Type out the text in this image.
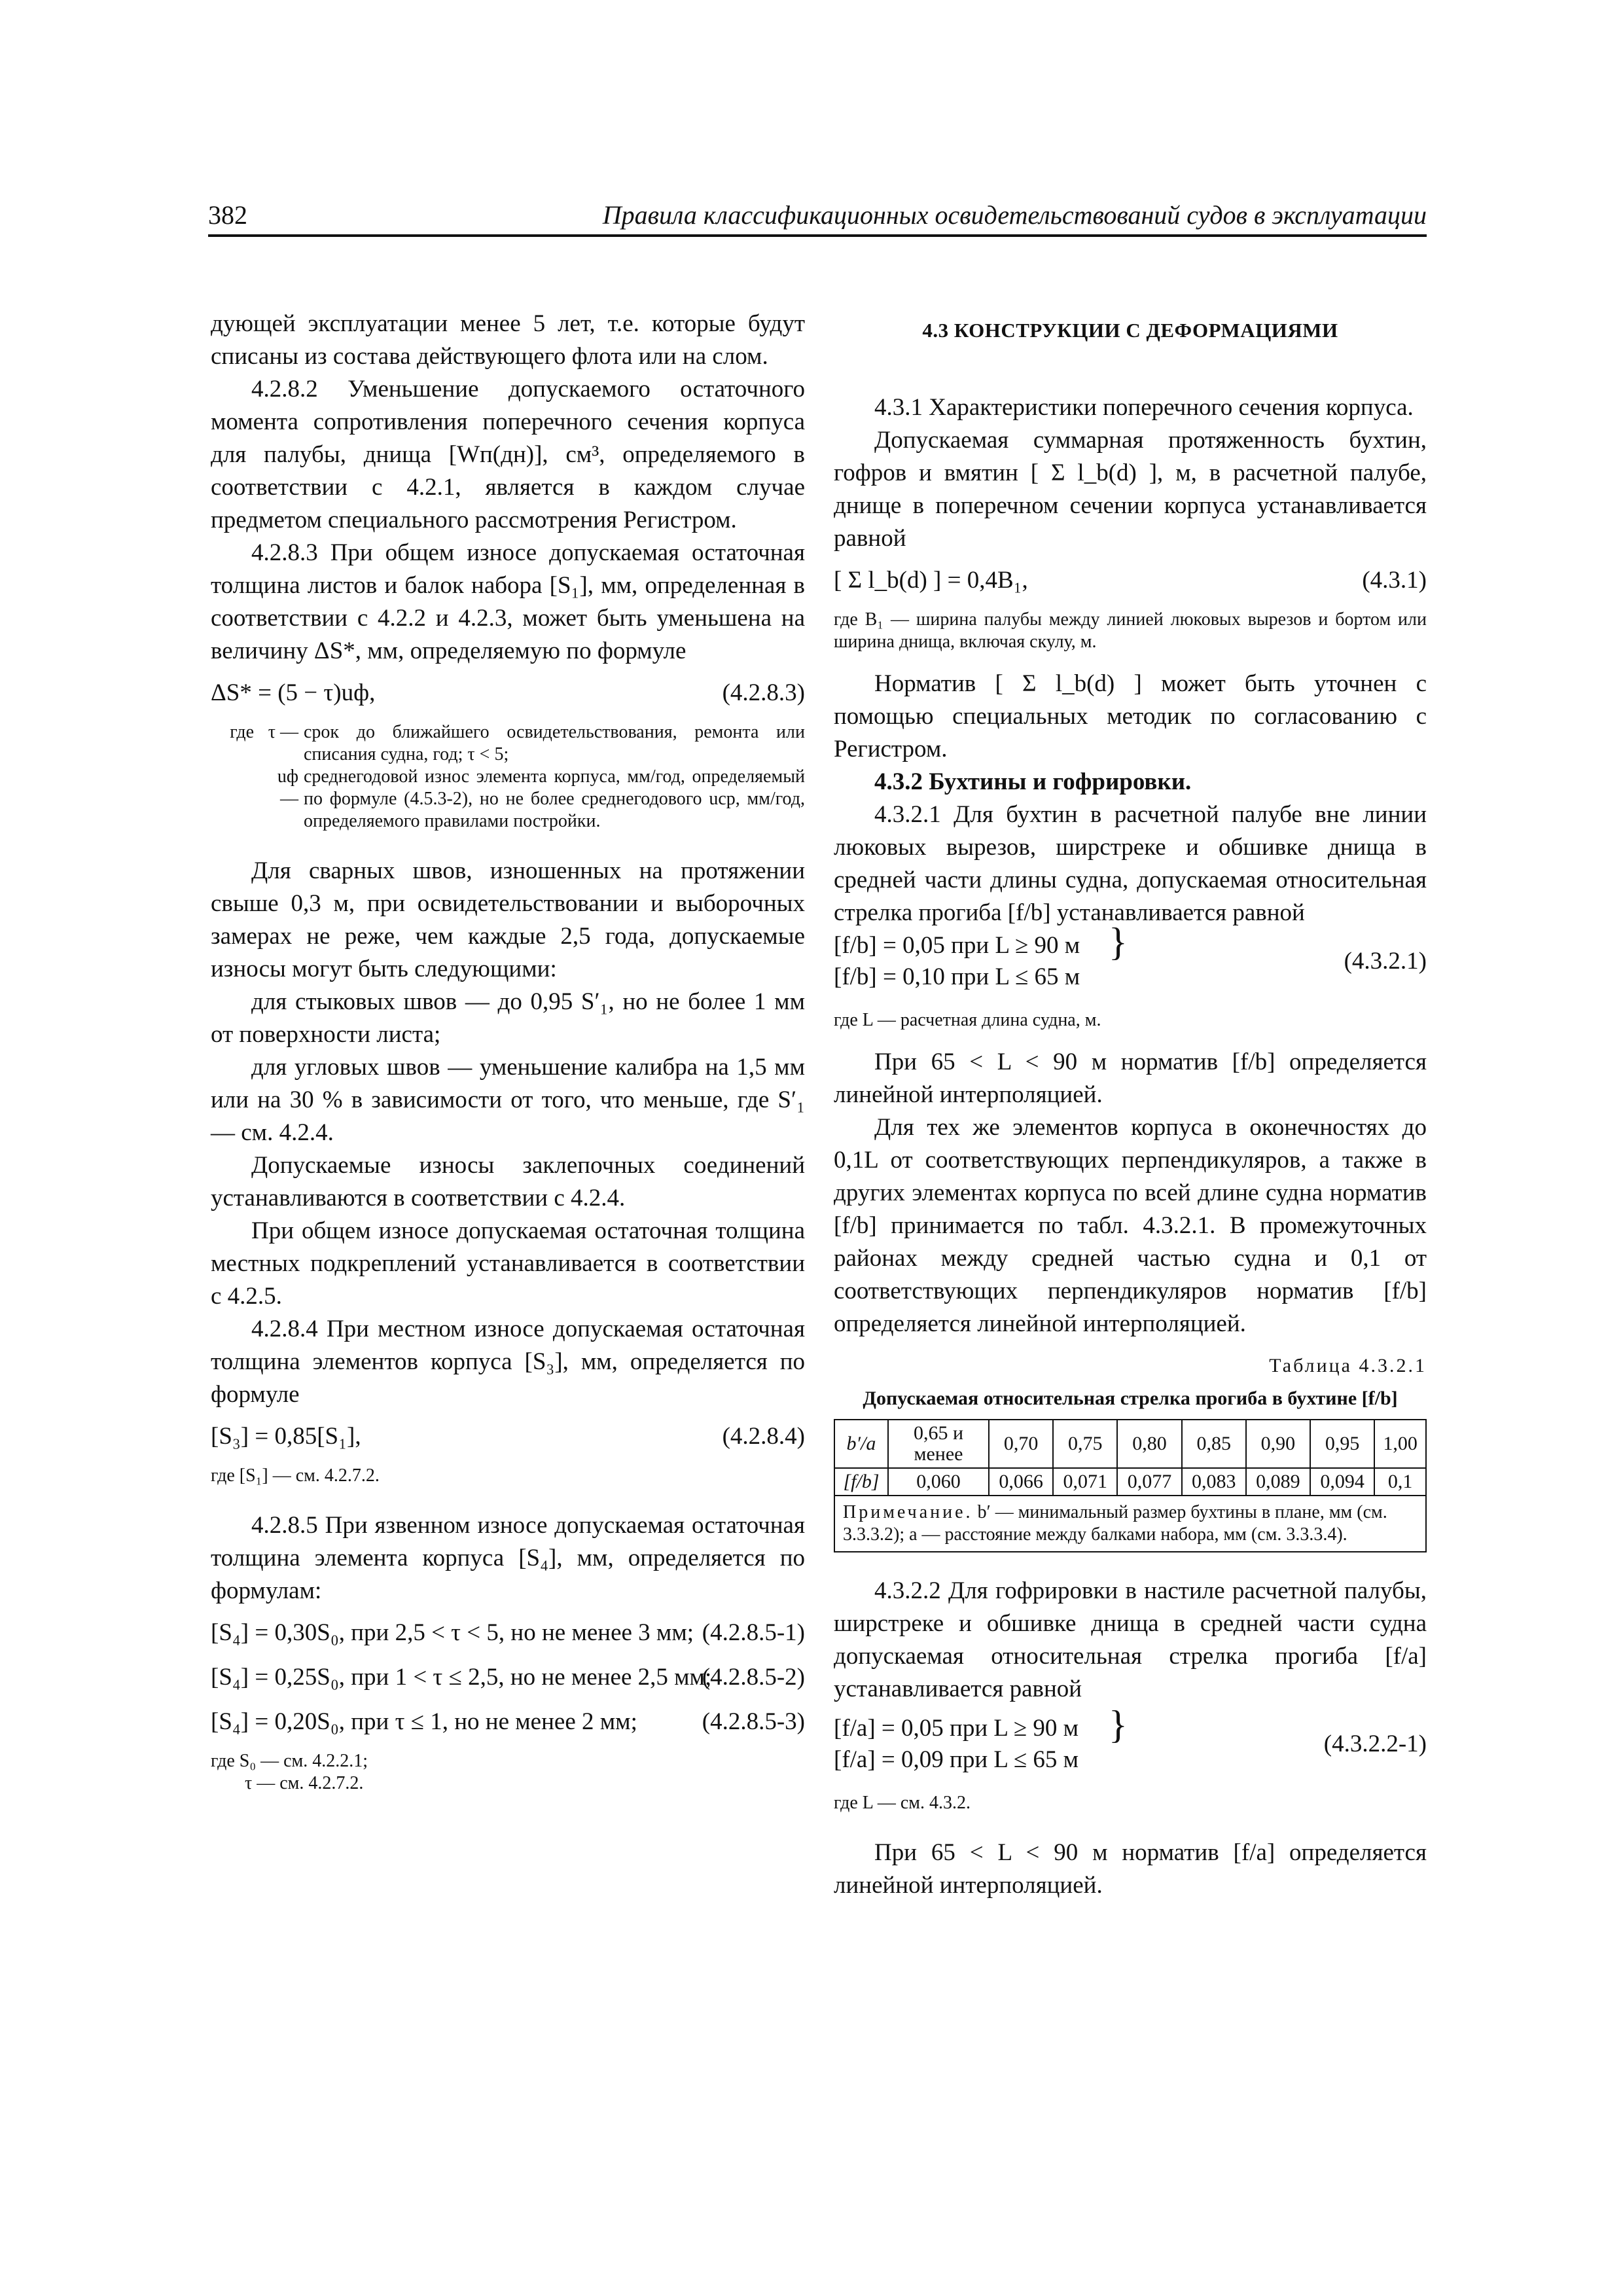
382	Правила классификационных освидетельствований судов в эксплуатации

дующей эксплуатации менее 5 лет, т.е. которые будут списаны из состава действующего флота или на слом.

4.2.8.2 Уменьшение допускаемого остаточного момента сопротивления поперечного сечения корпуса для палубы, днища [Wп(дн)], см³, определяемого в соответствии с 4.2.1, является в каждом случае предметом специального рассмотрения Регистром.

4.2.8.3 При общем износе допускаемая остаточная толщина листов и балок набора [S₁], мм, определенная в соответствии с 4.2.2 и 4.2.3, может быть уменьшена на величину ΔS*, мм, определяемую по формуле

ΔS* = (5 − τ)uф,	(4.2.8.3)
где τ — срок до ближайшего освидетельствования, ремонта или списания судна, год; τ < 5;
uф —
среднегодовой износ элемента корпуса, мм/год, определяемый по формуле (4.5.3-2), но не более среднегодового uср, мм/год, определяемого правилами постройки.

Для сварных швов, изношенных на протяжении свыше 0,3 м, при освидетельствовании и выборочных замерах не реже, чем каждые 2,5 года, допускаемые износы могут быть следующими:

для стыковых швов — до 0,95 S′₁, но не более 1 мм от поверхности листа;

для угловых швов — уменьшение калибра на 1,5 мм или на 30 % в зависимости от того, что меньше, где S′₁ — см. 4.2.4.

Допускаемые износы заклепочных соединений устанавливаются в соответствии с 4.2.4.

При общем износе допускаемая остаточная толщина местных подкреплений устанавливается в соответствии с 4.2.5.

4.2.8.4 При местном износе допускаемая остаточная толщина элементов корпуса [S₃], мм, определяется по формуле

[S₃] = 0,85[S₁],	(4.2.8.4)

где [S₁] — см. 4.2.7.2.

4.2.8.5 При язвенном износе допускаемая остаточная толщина элемента корпуса [S₄], мм, определяется по формулам:

[S₄] = 0,30S₀, при 2,5 < τ < 5, но не менее 3 мм; (4.2.8.5-1)
[S₄] = 0,25S₀, при 1 < τ ≤ 2,5, но не менее 2,5 мм;
(4.2.8.5-2)
[S₄] = 0,20S₀, при τ ≤ 1, но не менее 2 мм;	(4.2.8.5-3)

где S₀ — см. 4.2.2.1;

τ — см. 4.2.7.2.

4.3 КОНСТРУКЦИИ С ДЕФОРМАЦИЯМИ

4.3.1 Характеристики поперечного сечения корпуса.

Допускаемая суммарная протяженность бухтин, гофров и вмятин [ Σ l_b(d) ], м, в расчетной палубе, днище в поперечном сечении корпуса устанавливается равной

[ Σ l_b(d) ] = 0,4B₁,	(4.3.1)

где B₁ — ширина палубы между линией люковых вырезов и бортом или ширина днища, включая скулу, м.

Норматив [ Σ l_b(d) ] может быть уточнен с помощью специальных методик по согласованию с Регистром.

4.3.2 Бухтины и гофрировки.

4.3.2.1 Для бухтин в расчетной палубе вне линии люковых вырезов, ширстреке и обшивке днища в средней части длины судна, допускаемая относительная стрелка прогиба [f/b] устанавливается равной

[f/b] = 0,05 при L ≥ 90 м
[f/b] = 0,10 при L ≤ 65 м
}	(4.3.2.1)

где L — расчетная длина судна, м.

При 65 < L < 90 м норматив [f/b] определяется линейной интерполяцией.

Для тех же элементов корпуса в оконечностях до 0,1L от соответствующих перпендикуляров, а также в других элементах корпуса по всей длине судна норматив [f/b] принимается по табл. 4.3.2.1. В промежуточных районах между средней частью судна и 0,1 от соответствующих перпендикуляров норматив [f/b] определяется линейной интерполяцией.

Таблица 4.3.2.1

Допускаемая относительная стрелка прогиба в бухтине [f/b]

b′/a	0,65 и менее	0,70	0,75	0,80	0,85	0,90	0,95	1,00
[f/b]	0,060	0,066	0,071	0,077	0,083	0,089	0,094	0,1
Примечание. b′ — минимальный размер бухтины в плане, мм (см. 3.3.3.2); a — расстояние между балками набора, мм (см. 3.3.3.4).								

4.3.2.2 Для гофрировки в настиле расчетной палубы, ширстреке и обшивке днища в средней части судна допускаемая относительная стрелка прогиба [f/a] устанавливается равной

[f/a] = 0,05 при L ≥ 90 м
[f/a] = 0,09 при L ≤ 65 м
}	(4.3.2.2-1)

где L — см. 4.3.2.

При 65 < L < 90 м норматив [f/a] определяется линейной интерполяцией.
